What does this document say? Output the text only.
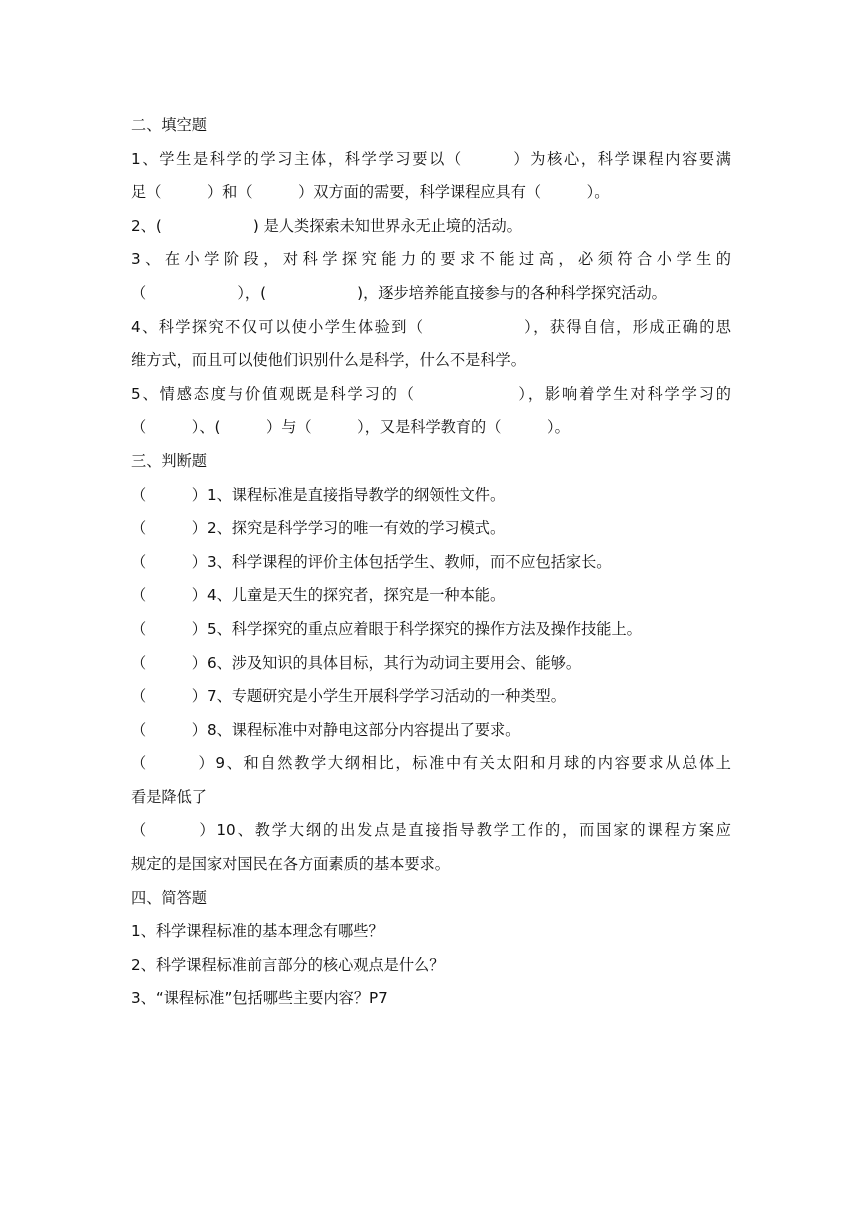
二、填空题
1、学生是科学的学习主体，科学学习要以（　　　）为核心，科学课程内容要满
足（　　　）和（　　　）双方面的需要，科学课程应具有（　　　）。
2、(　　　　　　) 是人类探索未知世界永无止境的活动。
3、在小学阶段，对科学探究能力的要求不能过高，必须符合小学生的
（　　　　　　），(　　　　　　)，逐步培养能直接参与的各种科学探究活动。
4、科学探究不仅可以使小学生体验到（　　　　　　），获得自信，形成正确的思
维方式，而且可以使他们识别什么是科学，什么不是科学。
5、情感态度与价值观既是科学习的（　　　　　　），影响着学生对科学学习的
（　　　）、(　　　）与（　　　），又是科学教育的（　　　）。
三、判断题
（　　　）1、课程标准是直接指导教学的纲领性文件。
（　　　）2、探究是科学学习的唯一有效的学习模式。
（　　　）3、科学课程的评价主体包括学生、教师，而不应包括家长。
（　　　）4、儿童是天生的探究者，探究是一种本能。
（　　　）5、科学探究的重点应着眼于科学探究的操作方法及操作技能上。
（　　　）6、涉及知识的具体目标，其行为动词主要用会、能够。
（　　　）7、专题研究是小学生开展科学学习活动的一种类型。
（　　　）8、课程标准中对静电这部分内容提出了要求。
（　　　）9、和自然教学大纲相比，标准中有关太阳和月球的内容要求从总体上
看是降低了
（　　　）10、教学大纲的出发点是直接指导教学工作的，而国家的课程方案应
规定的是国家对国民在各方面素质的基本要求。
四、简答题
1、科学课程标准的基本理念有哪些？
2、科学课程标准前言部分的核心观点是什么？
3、“课程标准”包括哪些主要内容？P7
